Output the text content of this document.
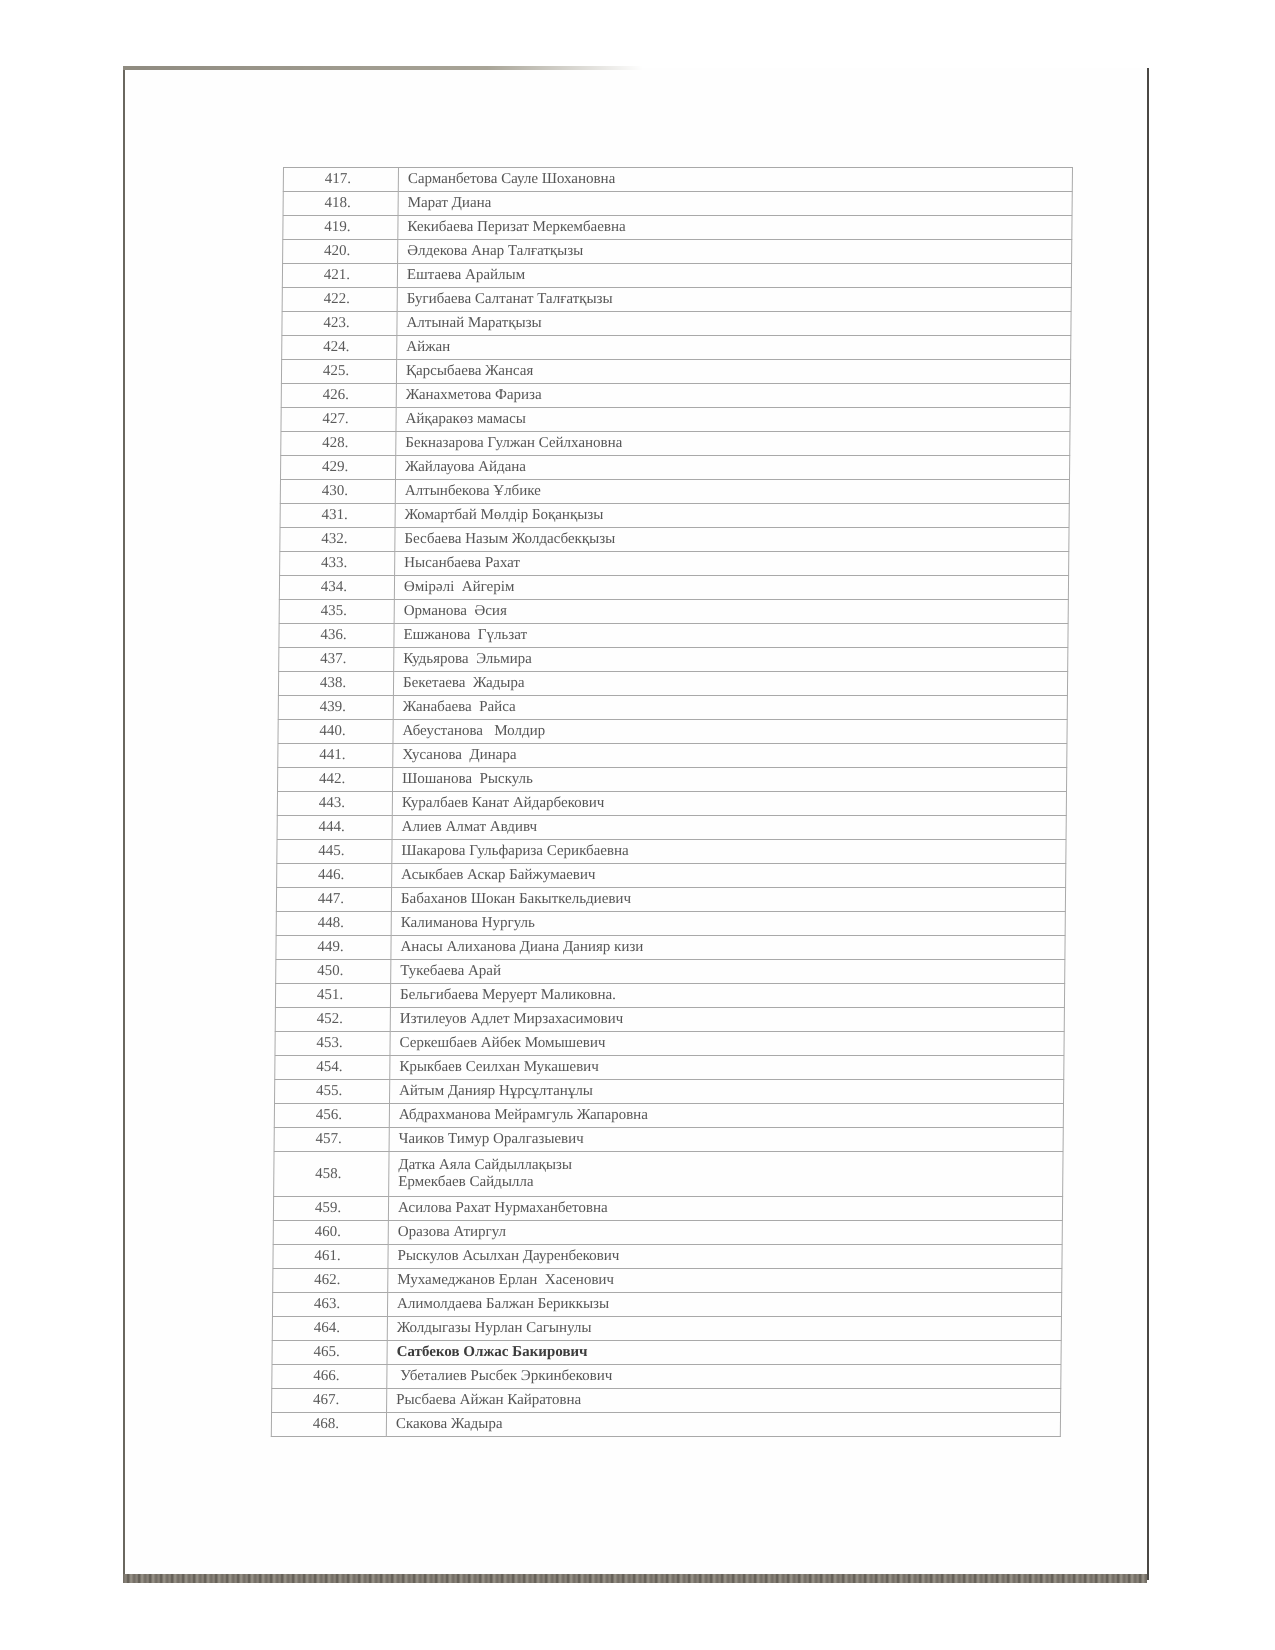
417.	Сарманбетова Сауле Шохановна

418.	Марат Диана

419.	Кекибаева Перизат Меркембаевна

420.	Әлдекова Анар Талғатқызы

421.	Ештаева Арайлым

422.	Бугибаева Салтанат Талғатқызы

423.	Алтынай Маратқызы

424.	Айжан

425.	Қарсыбаева Жансая

426.	Жанахметова Фариза

427.	Айқаракөз мамасы

428.	Бекназарова Гулжан Сейлхановна

429.	Жайлауова Айдана

430.	Алтынбекова Ұлбике

431.	Жомартбай Мөлдір Боқанқызы

432.	Бесбаева Назым Жолдасбекқызы

433.	Нысанбаева Рахат

434.	Өмірәлі  Айгерім

435.	Орманова  Әсия

436.	Ешжанова  Гүльзат

437.	Кудьярова  Эльмира

438.	Бекетаева  Жадыра

439.	Жанабаева  Райса

440.	Абеустанова   Молдир

441.	Хусанова  Динара

442.	Шошанова  Рыскуль

443.	Куралбаев Канат Айдарбекович

444.	Алиев Алмат Авдивч

445.	Шакарова Гульфариза Серикбаевна

446.	Асыкбаев Аскар Байжумаевич

447.	Бабаханов Шокан Бакыткельдиевич

448.	Калиманова Нургуль

449.	Анасы Алиханова Диана Данияр кизи

450.	Тукебаева Арай

451.	Бельгибаева Меруерт Маликовна.

452.	Изтилеуов Адлет Мирзахасимович

453.	Серкешбаев Айбек Момышевич

454.	Крыкбаев Сеилхан Мукашевич

455.	Айтым Данияр Нұрсұлтанұлы

456.	Абдрахманова Мейрамгуль Жапаровна

457.	Чаиков Тимур Оралгазыевич

458.	Датка Аяла Сайдыллақызы
Ермекбаев Сайдылла

459.	Асилова Рахат Нурмаханбетовна

460.	Оразова Атиргул

461.	Рыскулов Асылхан Дауренбекович

462.	Мухамеджанов Ерлан  Хасенович

463.	Алимолдаева Балжан Бериккызы

464.	Жолдыгазы Нурлан Сагынулы

465.	Сатбеков Олжас Бакирович

466.	Убеталиев Рысбек Эркинбекович

467.	Рысбаева Айжан Кайратовна

468.	Скакова Жадыра
